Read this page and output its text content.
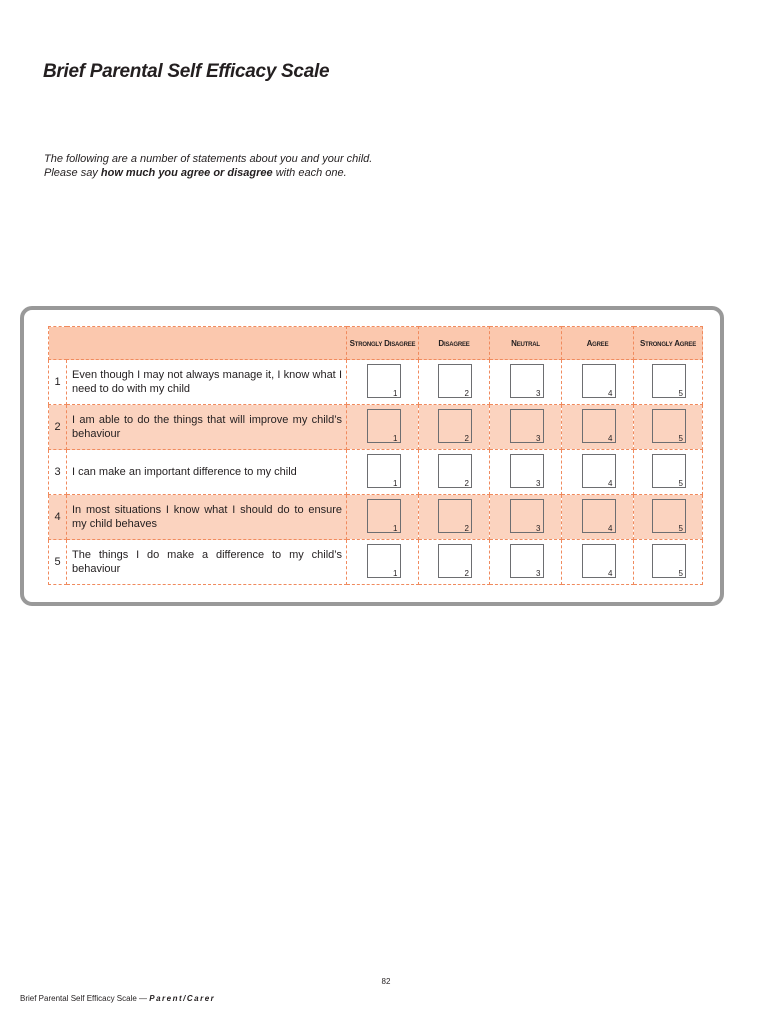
Brief Parental Self Efficacy Scale

The following are a number of statements about you and your child.
Please say how much you agree or disagree with each one.

		Strongly Disagree	Disagree	Neutral	Agree	Strongly Agree
1	Even though I may not always manage it, I know what I need to do with my child	1	2	3	4	5

2	I am able to do the things that will improve my child’s behaviour	1	2	3	4	5

3	I can make an important difference to my child	1	2	3	4	5

4	In most situations I know what I should do to ensure my child behaves	1	2	3	4	5

5	The things I do make a difference to my child’s behaviour	1	2	3	4	5
82
Brief Parental Self Efficacy Scale — Parent/Carer
